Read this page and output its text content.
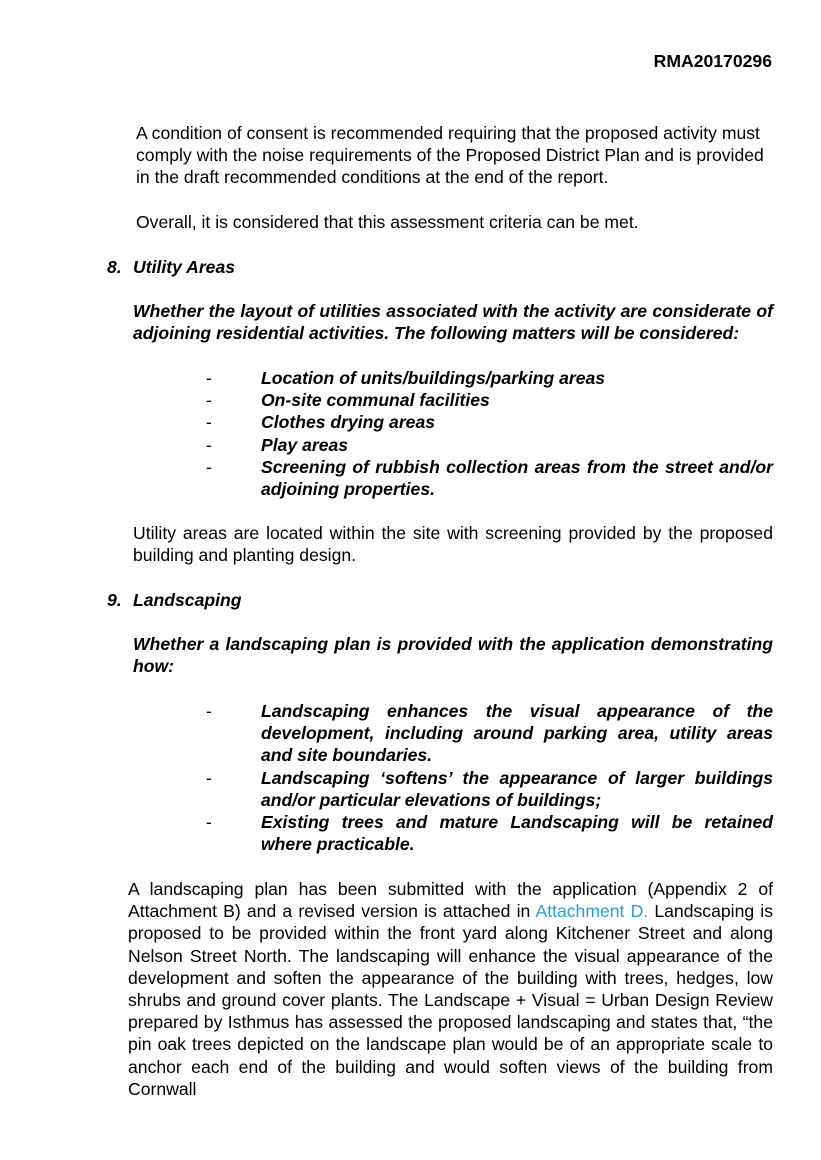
RMA20170296
A condition of consent is recommended requiring that the proposed activity must comply with the noise requirements of the Proposed District Plan and is provided in the draft recommended conditions at the end of the report.
Overall, it is considered that this assessment criteria can be met.
8. Utility Areas
Whether the layout of utilities associated with the activity are considerate of adjoining residential activities. The following matters will be considered:
-	Location of units/buildings/parking areas
-	On-site communal facilities
-	Clothes drying areas
-	Play areas
-	Screening of rubbish collection areas from the street and/or adjoining properties.
Utility areas are located within the site with screening provided by the proposed building and planting design.
9. Landscaping
Whether a landscaping plan is provided with the application demonstrating how:
-	Landscaping enhances the visual appearance of the development, including around parking area, utility areas and site boundaries.
-	Landscaping ‘softens’ the appearance of larger buildings and/or particular elevations of buildings;
-	Existing trees and mature Landscaping will be retained where practicable.
A landscaping plan has been submitted with the application (Appendix 2 of Attachment B) and a revised version is attached in Attachment D. Landscaping is proposed to be provided within the front yard along Kitchener Street and along Nelson Street North. The landscaping will enhance the visual appearance of the development and soften the appearance of the building with trees, hedges, low shrubs and ground cover plants. The Landscape + Visual = Urban Design Review prepared by Isthmus has assessed the proposed landscaping and states that, “the pin oak trees depicted on the landscape plan would be of an appropriate scale to anchor each end of the building and would soften views of the building from Cornwall
